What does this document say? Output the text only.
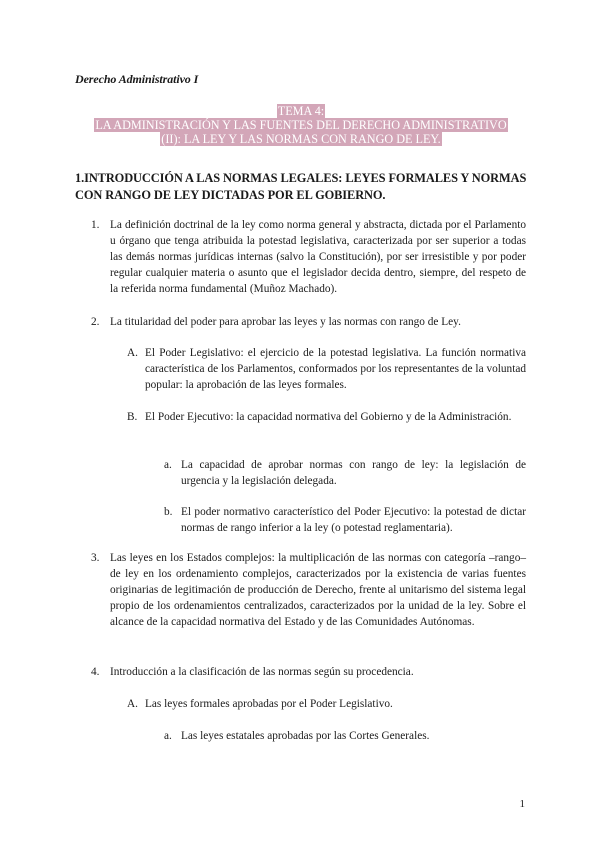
Derecho Administrativo I
TEMA 4:
LA ADMINISTRACIÓN Y LAS FUENTES DEL DERECHO ADMINISTRATIVO
(II): LA LEY Y LAS NORMAS CON RANGO DE LEY.
1.INTRODUCCIÓN A LAS NORMAS LEGALES: LEYES FORMALES Y NORMAS CON RANGO DE LEY DICTADAS POR EL GOBIERNO.
1. La definición doctrinal de la ley como norma general y abstracta, dictada por el Parlamento u órgano que tenga atribuida la potestad legislativa, caracterizada por ser superior a todas las demás normas jurídicas internas (salvo la Constitución), por ser irresistible y por poder regular cualquier materia o asunto que el legislador decida dentro, siempre, del respeto de la referida norma fundamental (Muñoz Machado).
2. La titularidad del poder para aprobar las leyes y las normas con rango de Ley.
A. El Poder Legislativo: el ejercicio de la potestad legislativa. La función normativa característica de los Parlamentos, conformados por los representantes de la voluntad popular: la aprobación de las leyes formales.
B. El Poder Ejecutivo: la capacidad normativa del Gobierno y de la Administración.
a. La capacidad de aprobar normas con rango de ley: la legislación de urgencia y la legislación delegada.
b. El poder normativo característico del Poder Ejecutivo: la potestad de dictar normas de rango inferior a la ley (o potestad reglamentaria).
3. Las leyes en los Estados complejos: la multiplicación de las normas con categoría –rango– de ley en los ordenamiento complejos, caracterizados por la existencia de varias fuentes originarias de legitimación de producción de Derecho, frente al unitarismo del sistema legal propio de los ordenamientos centralizados, caracterizados por la unidad de la ley. Sobre el alcance de la capacidad normativa del Estado y de las Comunidades Autónomas.
4. Introducción a la clasificación de las normas según su procedencia.
A. Las leyes formales aprobadas por el Poder Legislativo.
a. Las leyes estatales aprobadas por las Cortes Generales.
1
